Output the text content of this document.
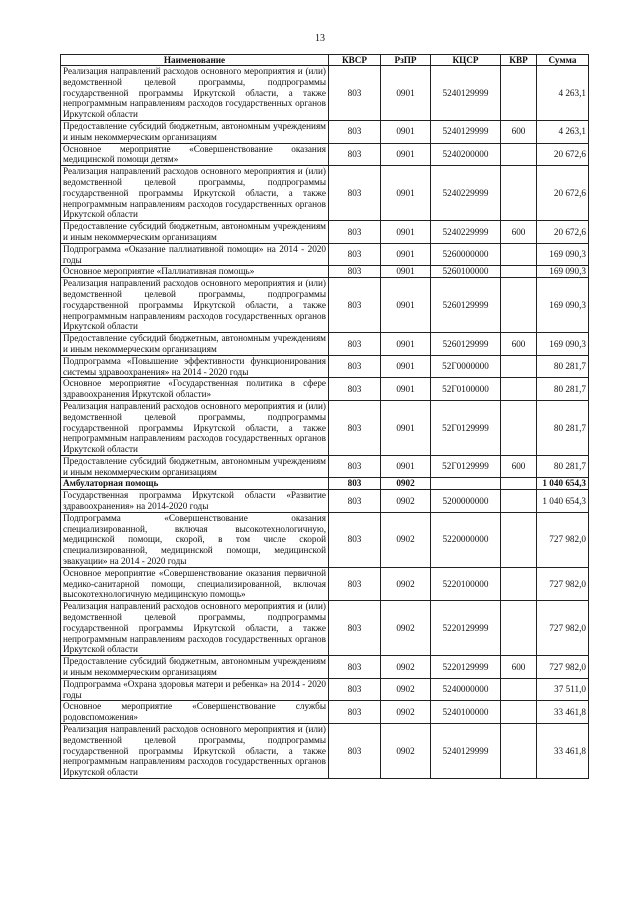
13
Наименование	КВСР	РзПР	КЦСР	КВР	Сумма
Реализация направлений расходов основного мероприятия и (или) ведомственной целевой программы, подпрограммы государственной программы Иркутской области, а также непрограммным направлениям расходов государственных органов Иркутской области	803	0901	5240129999		4 263,1
Предоставление субсидий бюджетным, автономным учреждениям и иным некоммерческим организациям	803	0901	5240129999	600	4 263,1
Основное мероприятие «Совершенствование оказания медицинской помощи детям»	803	0901	5240200000		20 672,6
Реализация направлений расходов основного мероприятия и (или) ведомственной целевой программы, подпрограммы государственной программы Иркутской области, а также непрограммным направлениям расходов государственных органов Иркутской области	803	0901	5240229999		20 672,6
Предоставление субсидий бюджетным, автономным учреждениям и иным некоммерческим организациям	803	0901	5240229999	600	20 672,6
Подпрограмма «Оказание паллиативной помощи» на 2014 - 2020 годы	803	0901	5260000000		169 090,3
Основное мероприятие «Паллиативная помощь»	803	0901	5260100000		169 090,3
Реализация направлений расходов основного мероприятия и (или) ведомственной целевой программы, подпрограммы государственной программы Иркутской области, а также непрограммным направлениям расходов государственных органов Иркутской области	803	0901	5260129999		169 090,3
Предоставление субсидий бюджетным, автономным учреждениям и иным некоммерческим организациям	803	0901	5260129999	600	169 090,3
Подпрограмма «Повышение эффективности функционирования системы здравоохранения» на 2014 - 2020 годы	803	0901	52Г0000000		80 281,7
Основное мероприятие «Государственная политика в сфере здравоохранения Иркутской области»	803	0901	52Г0100000		80 281,7
Реализация направлений расходов основного мероприятия и (или) ведомственной целевой программы, подпрограммы государственной программы Иркутской области, а также непрограммным направлениям расходов государственных органов Иркутской области	803	0901	52Г0129999		80 281,7
Предоставление субсидий бюджетным, автономным учреждениям и иным некоммерческим организациям	803	0901	52Г0129999	600	80 281,7
Амбулаторная помощь	803	0902			1 040 654,3
Государственная программа Иркутской области «Развитие здравоохранения» на 2014-2020 годы	803	0902	5200000000		1 040 654,3
Подпрограмма «Совершенствование оказания специализированной, включая высокотехнологичную, медицинской помощи, скорой, в том числе скорой специализированной, медицинской помощи, медицинской эвакуации» на 2014 - 2020 годы	803	0902	5220000000		727 982,0
Основное мероприятие «Совершенствование оказания первичной медико-санитарной помощи, специализированной, включая высокотехнологичную медицинскую помощь»	803	0902	5220100000		727 982,0
Реализация направлений расходов основного мероприятия и (или) ведомственной целевой программы, подпрограммы государственной программы Иркутской области, а также непрограммным направлениям расходов государственных органов Иркутской области	803	0902	5220129999		727 982,0
Предоставление субсидий бюджетным, автономным учреждениям и иным некоммерческим организациям	803	0902	5220129999	600	727 982,0
Подпрограмма «Охрана здоровья матери и ребенка» на 2014 - 2020 годы	803	0902	5240000000		37 511,0
Основное мероприятие «Совершенствование службы родовспоможения»	803	0902	5240100000		33 461,8
Реализация направлений расходов основного мероприятия и (или) ведомственной целевой программы, подпрограммы государственной программы Иркутской области, а также непрограммным направлениям расходов государственных органов Иркутской области	803	0902	5240129999		33 461,8
